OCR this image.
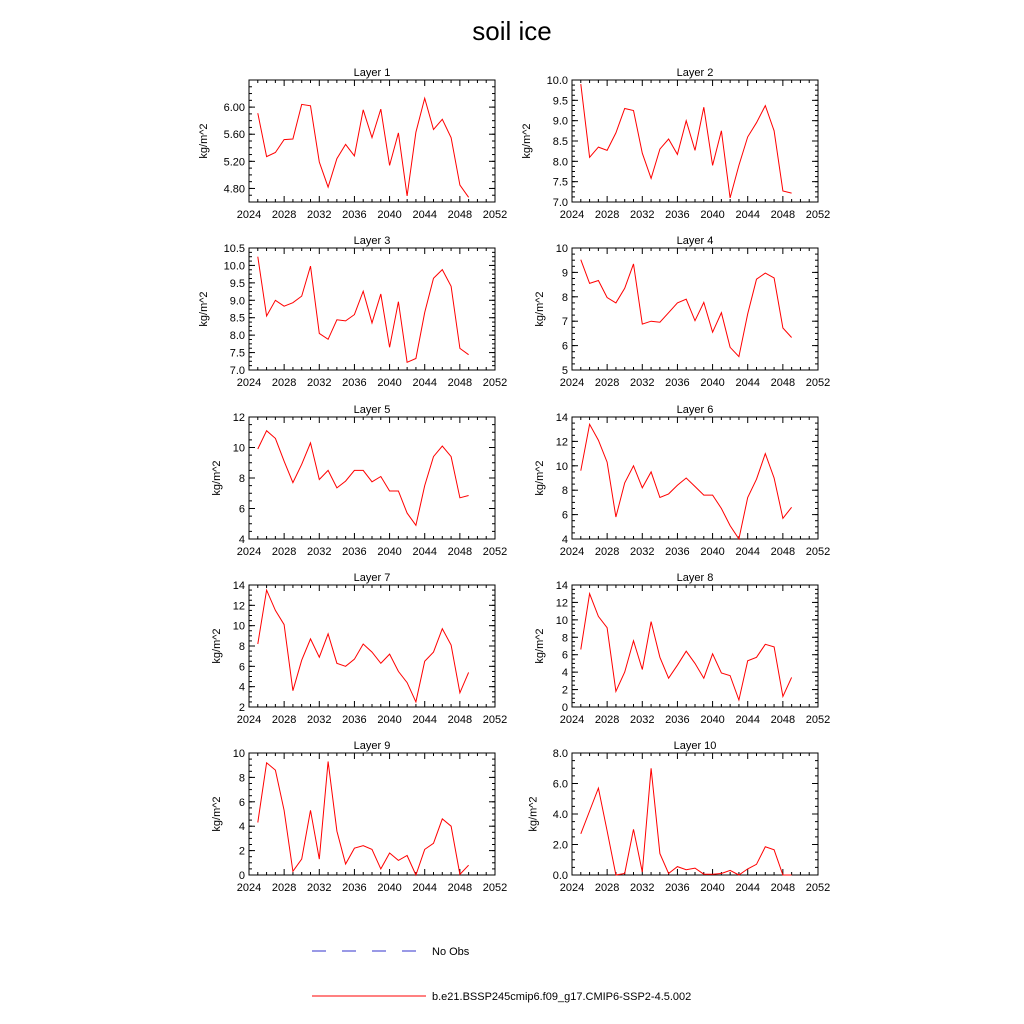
soil ice
Layer 1
2024 2028 2032 2036 2040 2044 2048 2052
4.80
5.20
5.60
6.00
kg/m^2
Layer 2
2024 2028 2032 2036 2040 2044 2048 2052
7.0
7.5
8.0
8.5
9.0
9.5
10.0
kg/m^2
Layer 3
2024 2028 2032 2036 2040 2044 2048 2052
7.0
7.5
8.0
8.5
9.0
9.5
10.0
10.5
kg/m^2
Layer 4
2024 2028 2032 2036 2040 2044 2048 2052
5
6
7
8
9
10
kg/m^2
Layer 5
2024 2028 2032 2036 2040 2044 2048 2052
4
6
8
10
12
kg/m^2
Layer 6
2024 2028 2032 2036 2040 2044 2048 2052
4
6
8
10
12
14
kg/m^2
Layer 7
2024 2028 2032 2036 2040 2044 2048 2052
2
4
6
8
10
12
14
kg/m^2
Layer 8
2024 2028 2032 2036 2040 2044 2048 2052
0
2
4
6
8
10
12
14
kg/m^2
Layer 9
2024 2028 2032 2036 2040 2044 2048 2052
0
2
4
6
8
10
kg/m^2
Layer 10
2024 2028 2032 2036 2040 2044 2048 2052
0.0
2.0
4.0
6.0
8.0
kg/m^2
No Obs
b.e21.BSSP245cmip6.f09_g17.CMIP6-SSP2-4.5.002
